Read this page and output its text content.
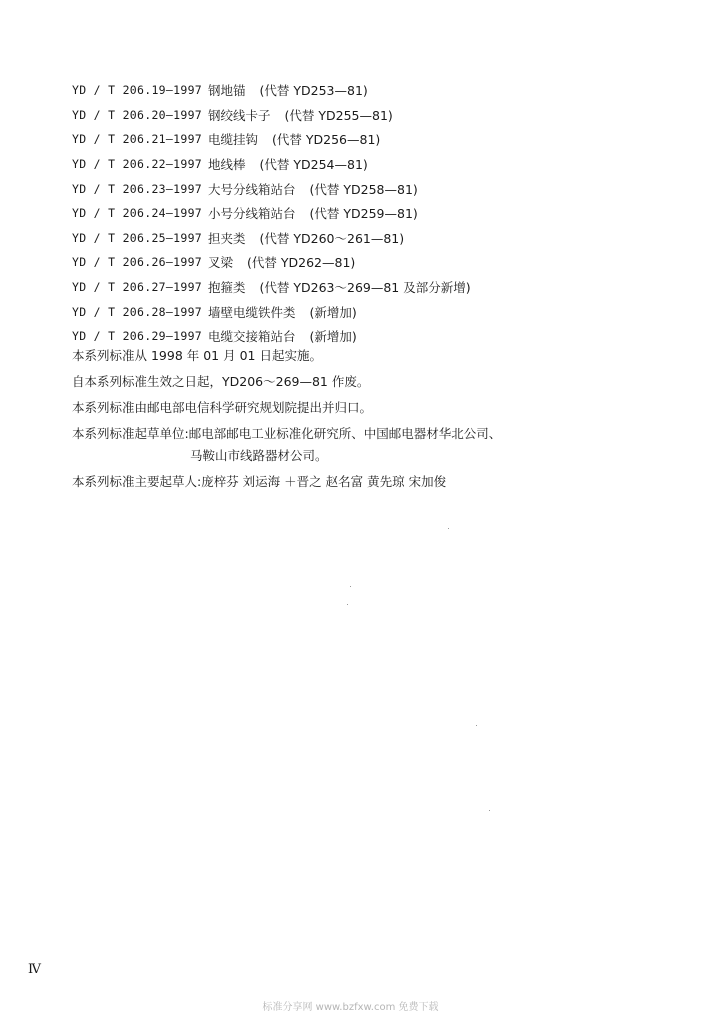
YD / T 206.19—1997 钢地锚 (代替 YD253—81)
YD / T 206.20—1997 钢绞线卡子 (代替 YD255—81)
YD / T 206.21—1997 电缆挂钩 (代替 YD256—81)
YD / T 206.22—1997 地线棒 (代替 YD254—81)
YD / T 206.23—1997 大号分线箱站台 (代替 YD258—81)
YD / T 206.24—1997 小号分线箱站台 (代替 YD259—81)
YD / T 206.25—1997 担夹类 (代替 YD260～261—81)
YD / T 206.26—1997 叉梁 (代替 YD262—81)
YD / T 206.27—1997 抱箍类 (代替 YD263～269—81 及部分新增)
YD / T 206.28—1997 墙壁电缆铁件类 (新增加)
YD / T 206.29—1997 电缆交接箱站台 (新增加)
本系列标准从 1998 年 01 月 01 日起实施。
自本系列标准生效之日起，YD206～269—81 作废。
本系列标准由邮电部电信科学研究规划院提出并归口。
本系列标准起草单位:邮电部邮电工业标准化研究所、中国邮电器材华北公司、
马鞍山市线路器材公司。
本系列标准主要起草人:庞梓芬 刘运海 ＋晋之 赵名富 黄先琼 宋加俊
Ⅳ
标准分享网 www.bzfxw.com 免费下载
